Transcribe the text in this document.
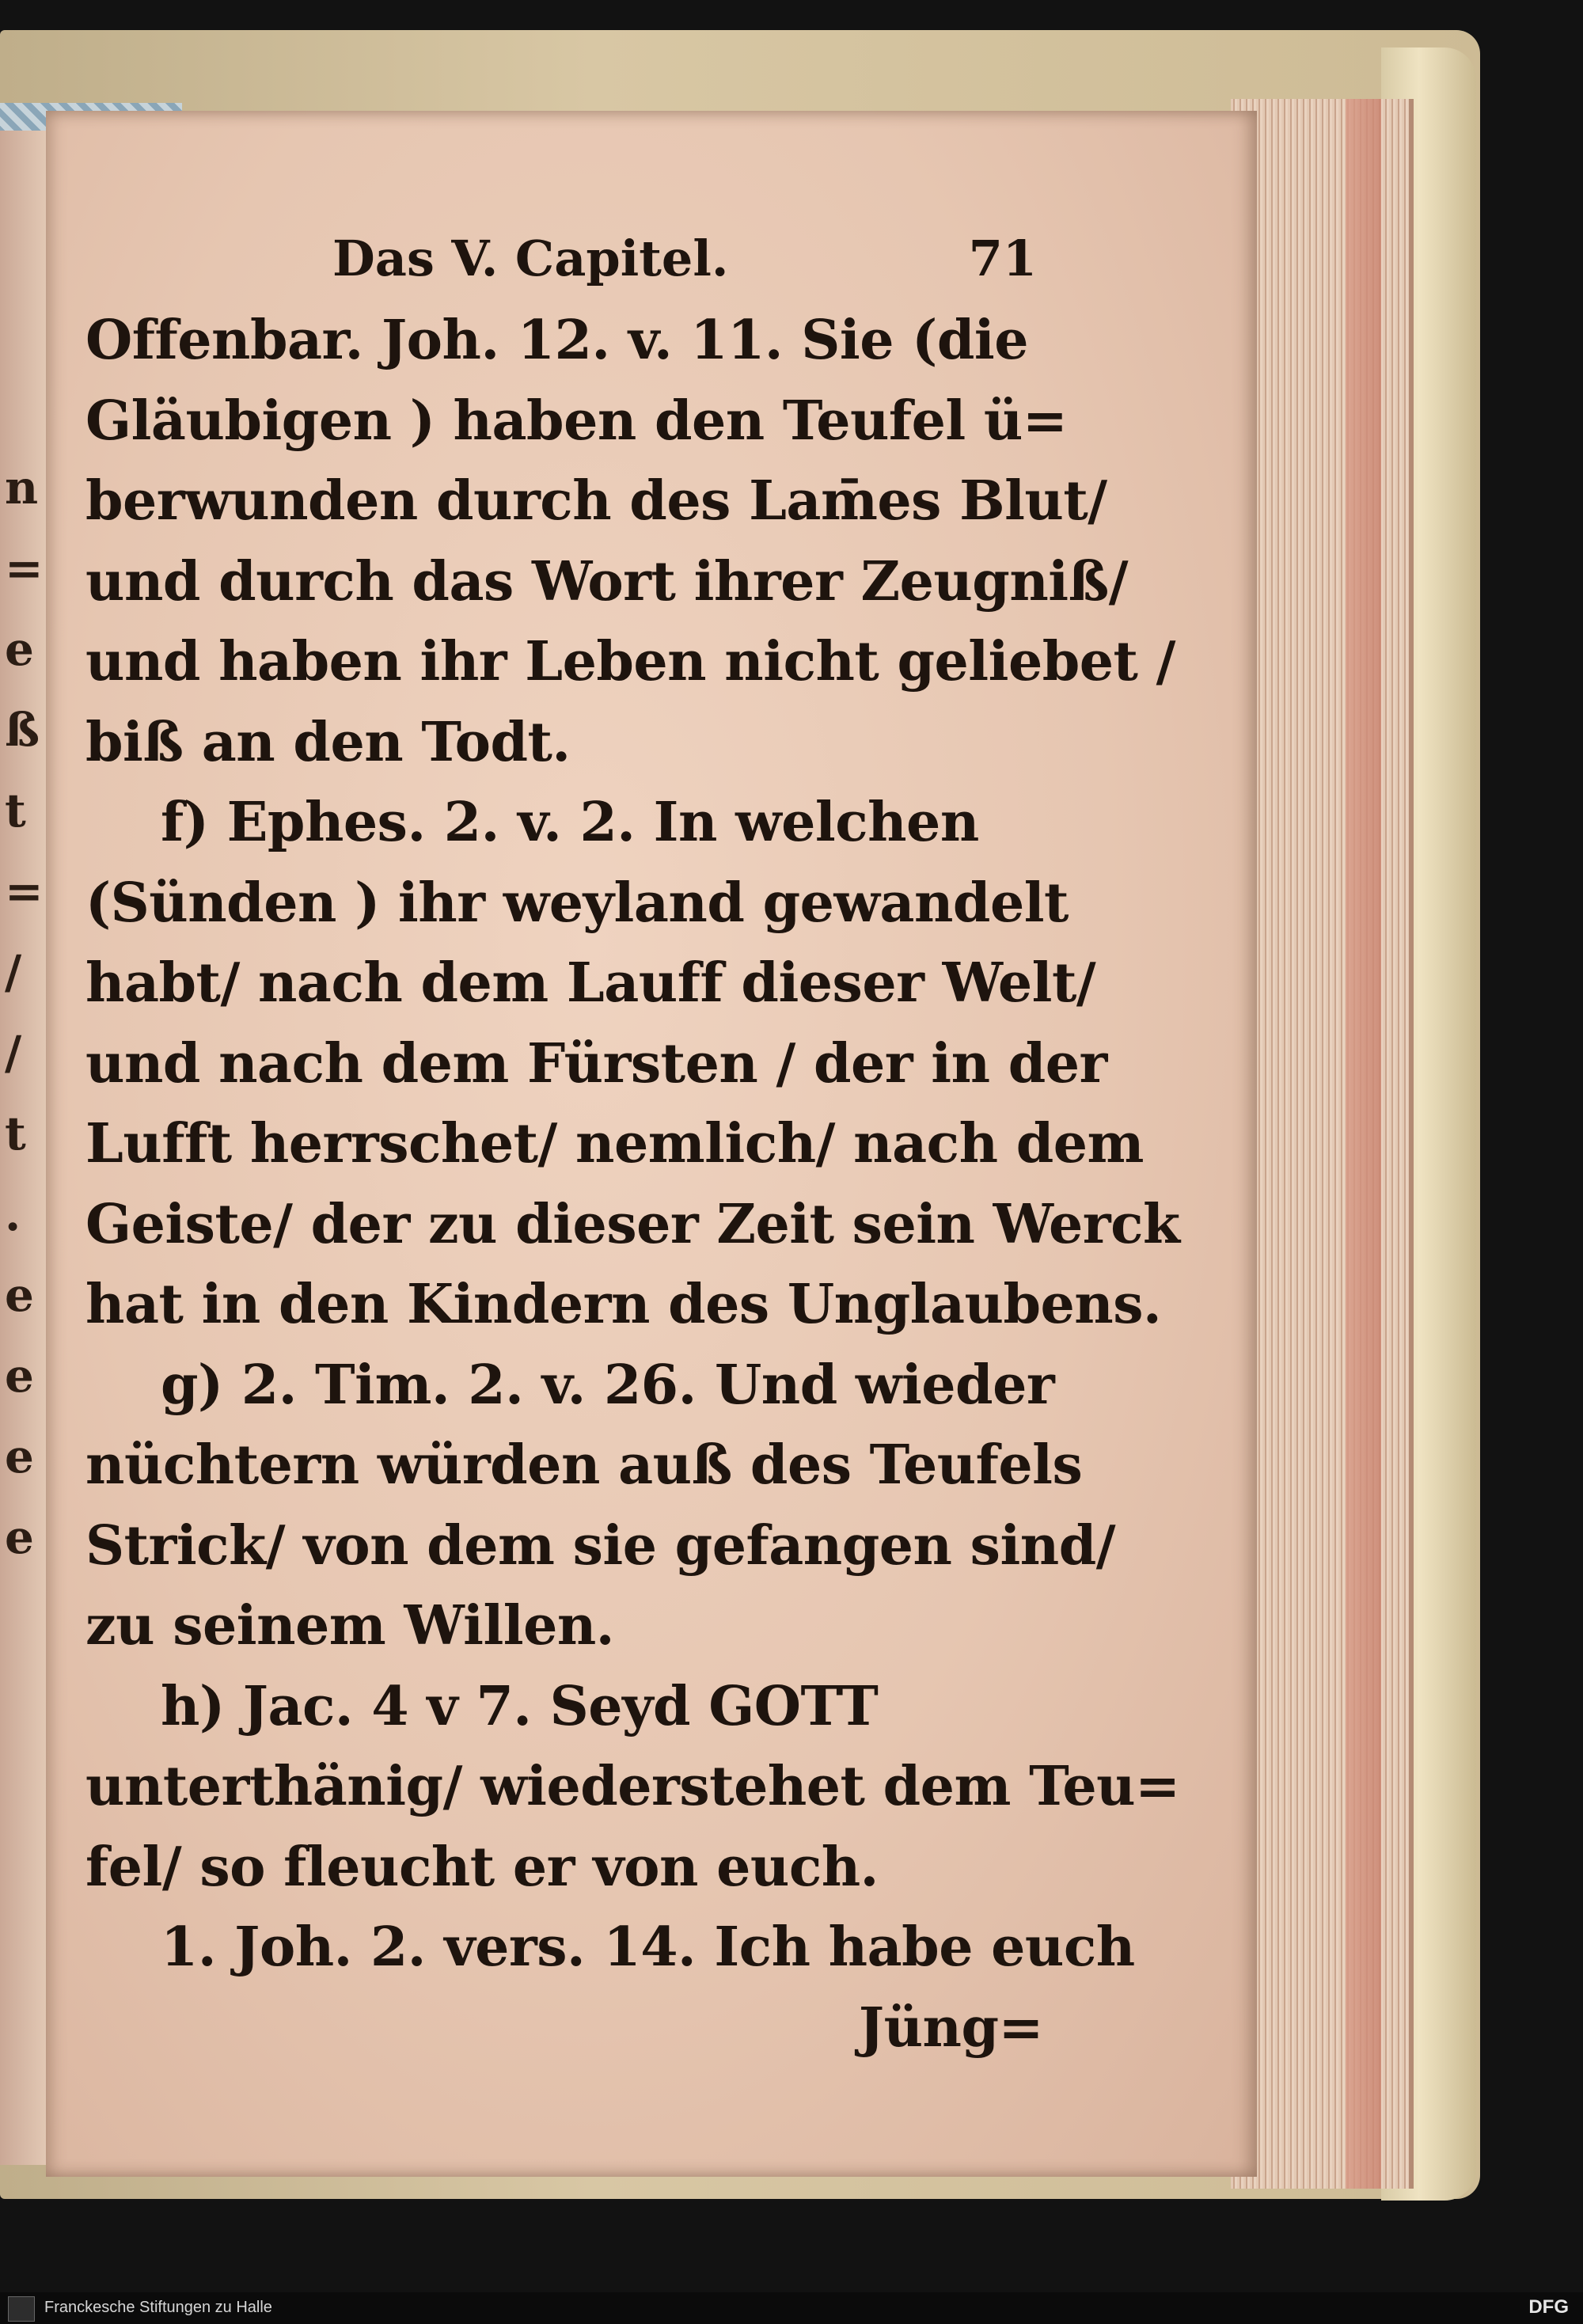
n
=
e
ß
t
=
/
/
t
.
e
e
e
e
Das V. Capitel.	71
Offenbar. Joh. 12. v. 11. Sie (die
Gläubigen ) haben den Teufel ü=
berwunden durch des Lam̄es Blut/
und durch das Wort ihrer Zeugniß/
und haben ihr Leben nicht geliebet /
biß an den Todt.
f) Ephes. 2. v. 2. In welchen
(Sünden ) ihr weyland gewandelt
habt/ nach dem Lauff dieser Welt/
und nach dem Fürsten / der in der
Lufft herrschet/ nemlich/ nach dem
Geiste/ der zu dieser Zeit sein Werck
hat in den Kindern des Unglaubens.
g) 2. Tim. 2. v. 26. Und wieder
nüchtern würden auß des Teufels
Strick/ von dem sie gefangen sind/
zu seinem Willen.
h) Jac. 4 v 7. Seyd GOTT
unterthänig/ wiederstehet dem Teu=
fel/ so fleucht er von euch.
1. Joh. 2. vers. 14. Ich habe euch
Jüng=
Franckesche Stiftungen zu Halle	DFG
